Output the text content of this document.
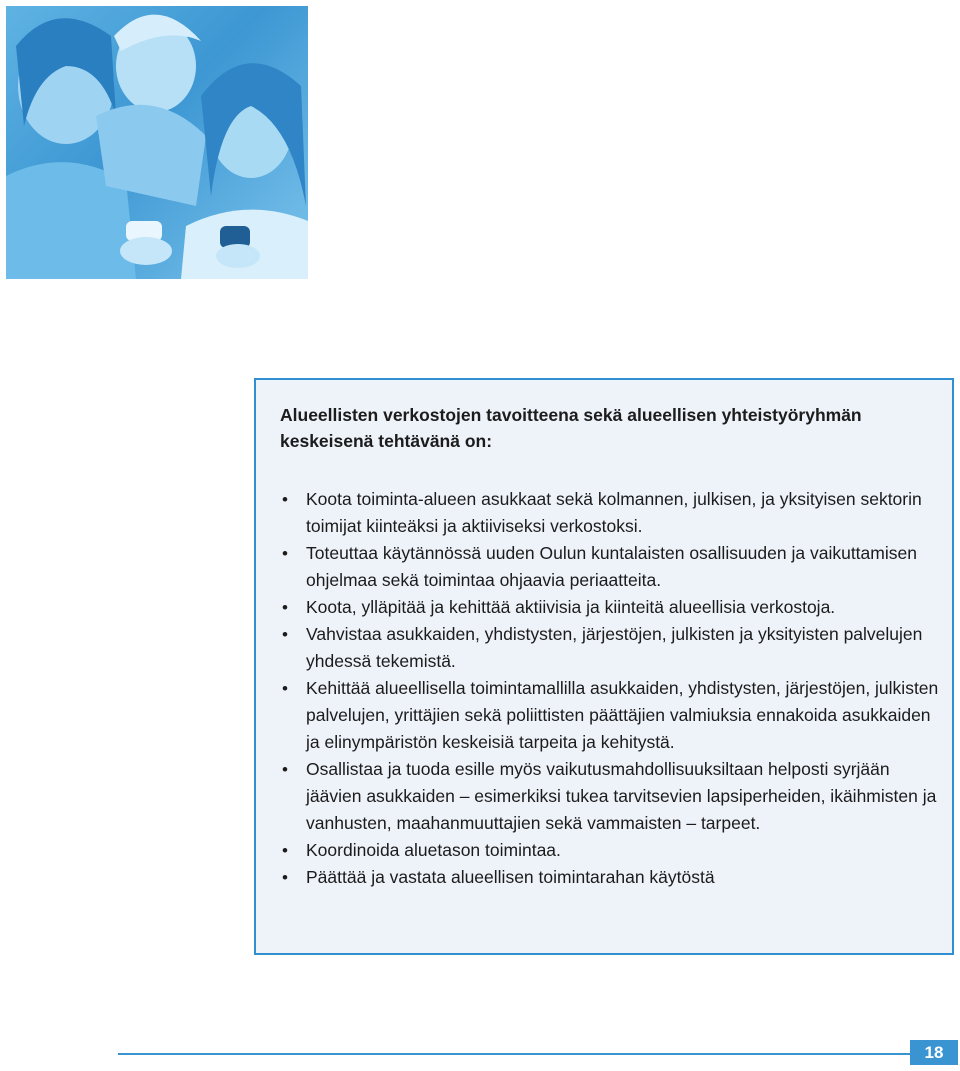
Alueellisten verkostojen tavoitteena sekä alueellisen yhteistyöryhmän keskeisenä tehtävänä on:

• Koota toiminta-alueen asukkaat sekä kolmannen, julkisen, ja yksityisen sektorin toimijat kiinteäksi ja aktiiviseksi verkostoksi.
• Toteuttaa käytännössä uuden Oulun kuntalaisten osallisuuden ja vaikuttamisen ohjelmaa sekä toimintaa ohjaavia periaatteita.
• Koota, ylläpitää ja kehittää aktiivisia ja kiinteitä alueellisia verkostoja.
• Vahvistaa asukkaiden, yhdistysten, järjestöjen, julkisten ja yksityisten palvelujen yhdessä tekemistä.
• Kehittää alueellisella toimintamallilla asukkaiden, yhdistysten, järjestöjen, julkisten palvelujen, yrittäjien sekä poliittisten päättäjien valmiuksia ennakoida asukkaiden ja elinympäristön keskeisiä tarpeita ja kehitystä.
• Osallistaa ja tuoda esille myös vaikutusmahdollisuuksiltaan helposti syrjään jäävien asukkaiden – esimerkiksi tukea tarvitsevien lapsiperheiden, ikäihmisten ja vanhusten, maahanmuuttajien sekä vammaisten – tarpeet.
• Koordinoida aluetason toimintaa.
• Päättää ja vastata alueellisen toimintarahan käytöstä
18
